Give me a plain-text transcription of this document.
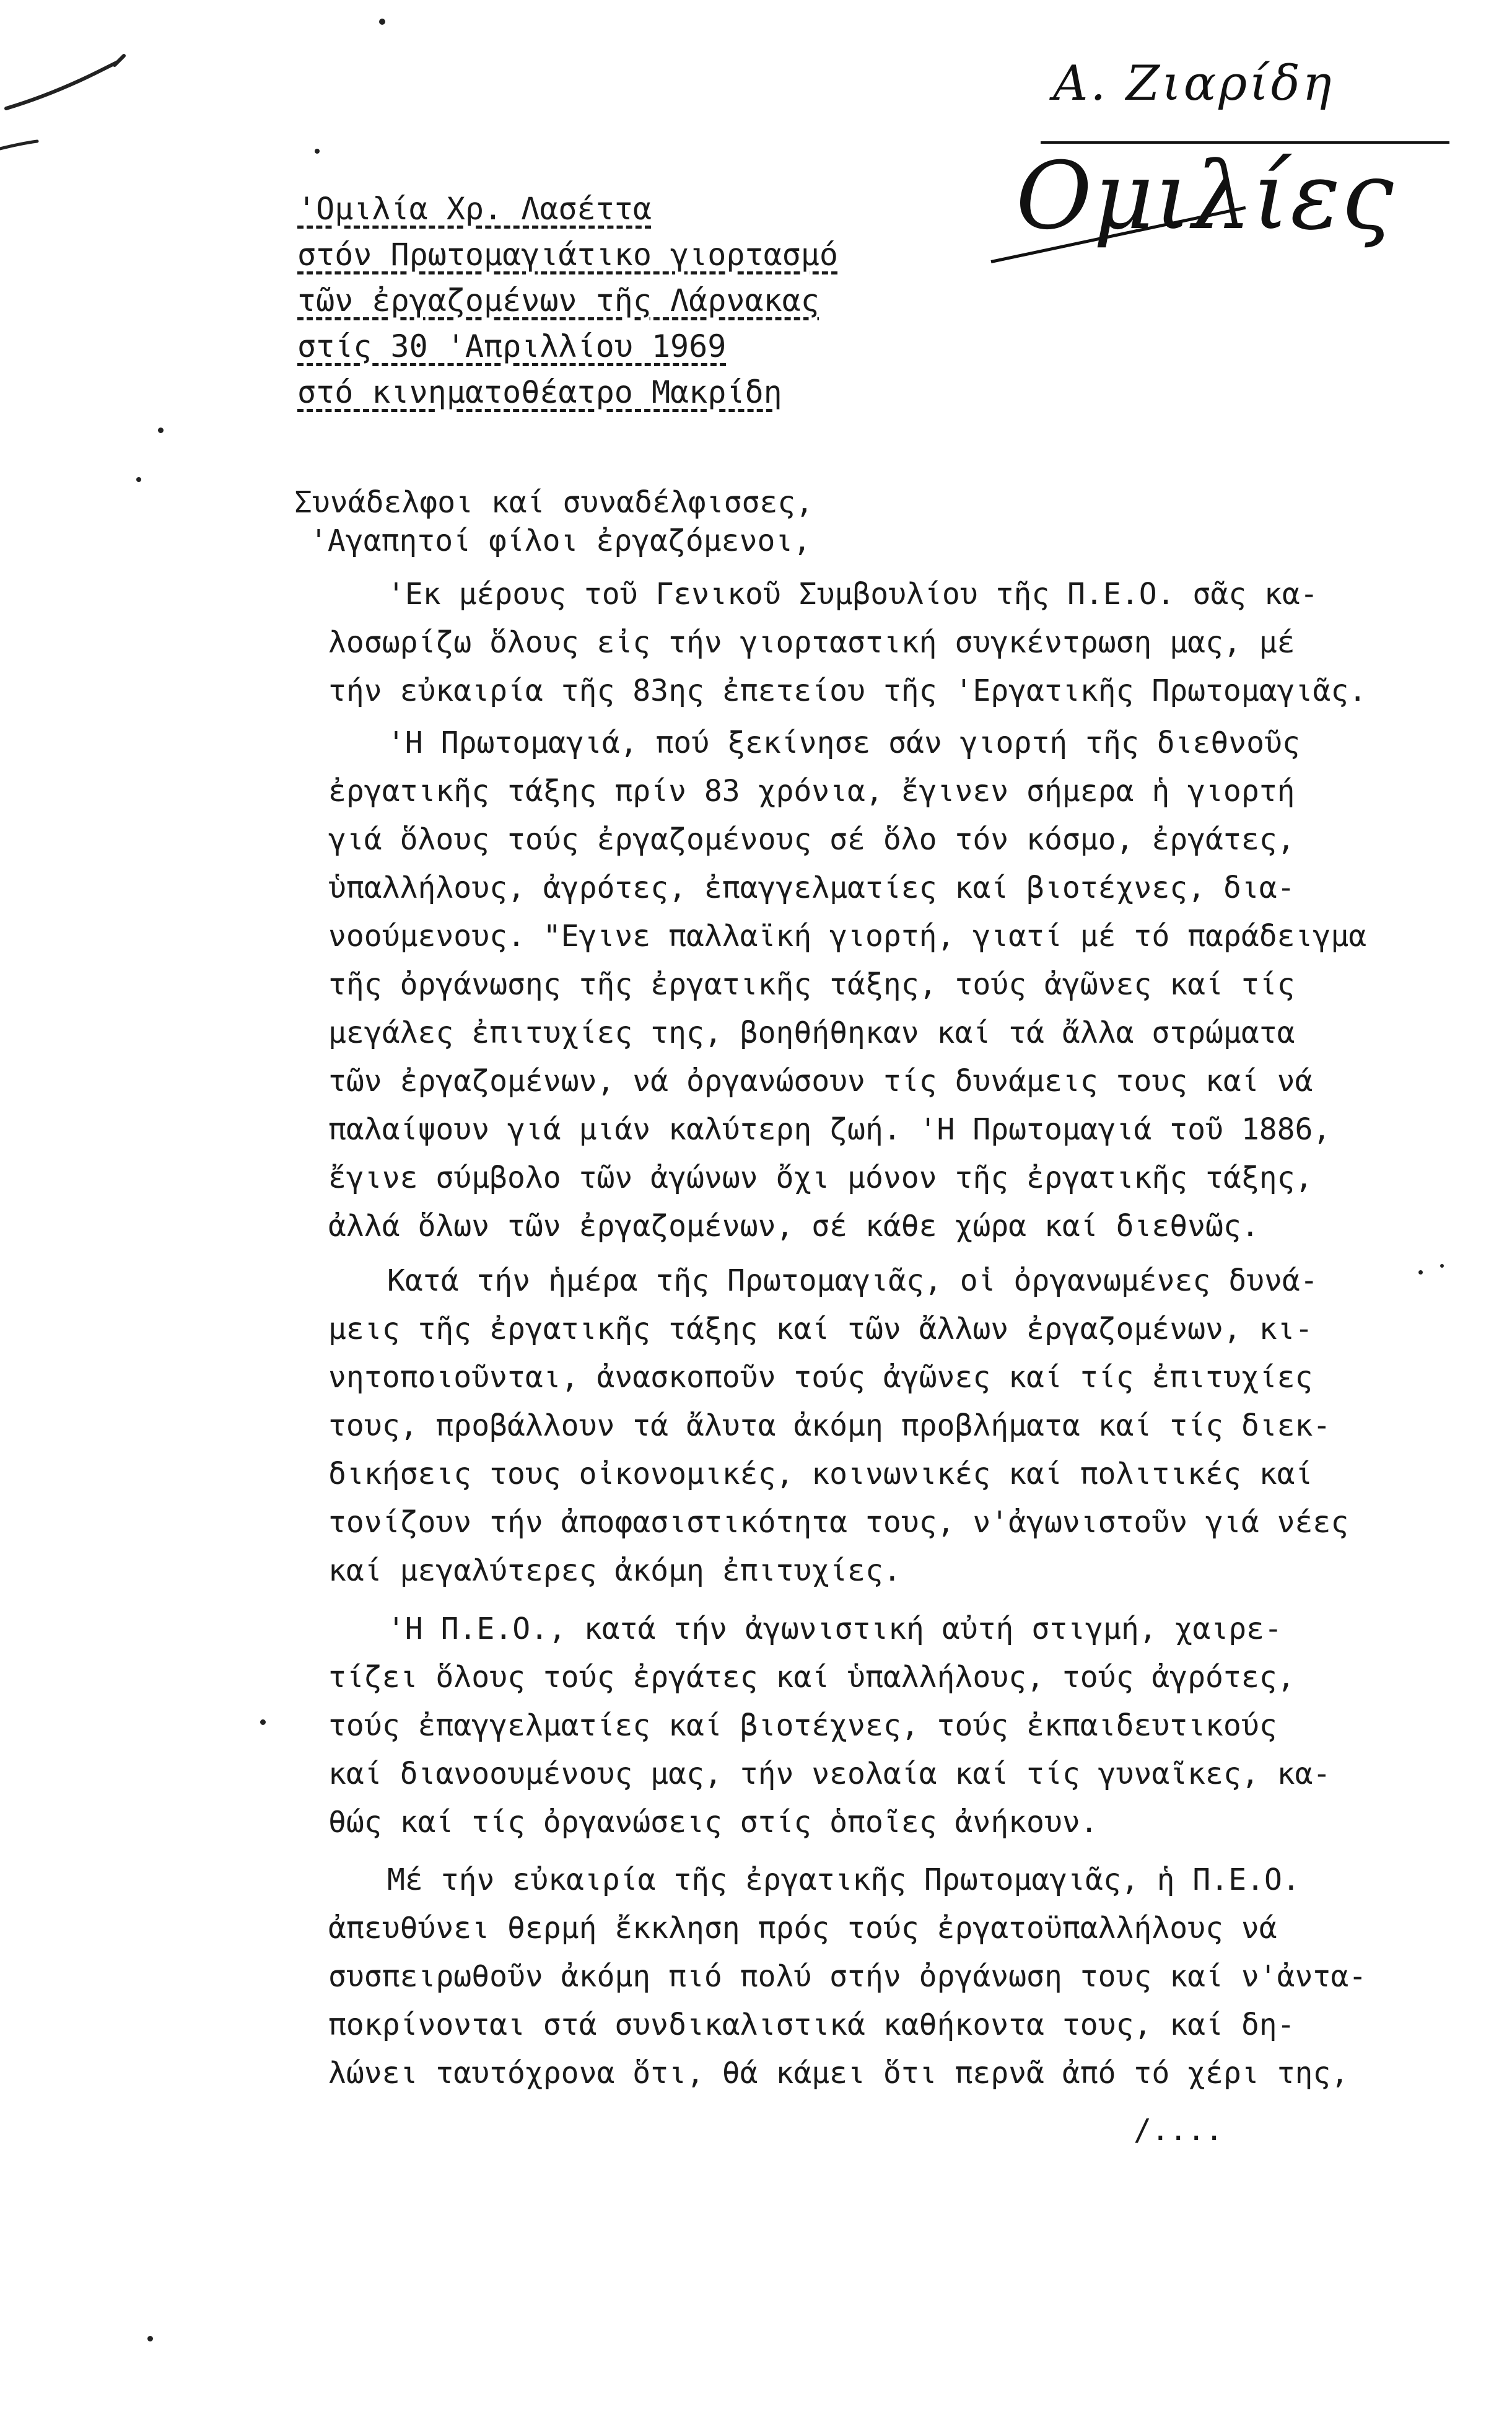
Α. Ζιαρίδη
Ομιλίες
'Ομιλία Χρ. Λασέττα
στόν Πρωτομαγιάτικο γιορτασμό
τῶν ἐργαζομένων τῆς Λάρνακας
στίς 30 'Απριλλίου 1969
στό κινηματοθέατρο Μακρίδη
Συνάδελφοι καί συναδέλφισσες,
'Αγαπητοί φίλοι ἐργαζόμενοι,
'Εκ μέρους τοῦ Γενικοῦ Συμβουλίου τῆς Π.Ε.Ο. σᾶς κα-
λοσωρίζω ὅλους εἰς τήν γιορταστική συγκέντρωση μας, μέ
τήν εὐκαιρία τῆς 83ης ἐπετείου τῆς 'Εργατικῆς Πρωτομαγιᾶς.
'Η Πρωτομαγιά, πού ξεκίνησε σάν γιορτή τῆς διεθνοῦς
ἐργατικῆς τάξης πρίν 83 χρόνια, ἔγινεν σήμερα ἡ γιορτή
γιά ὅλους τούς ἐργαζομένους σέ ὅλο τόν κόσμο, ἐργάτες,
ὑπαλλήλους, ἀγρότες, ἐπαγγελματίες καί βιοτέχνες, δια-
νοούμενους. "Εγινε παλλαϊκή γιορτή, γιατί μέ τό παράδειγμα
τῆς ὀργάνωσης τῆς ἐργατικῆς τάξης, τούς ἀγῶνες καί τίς
μεγάλες ἐπιτυχίες της, βοηθήθηκαν καί τά ἄλλα στρώματα
τῶν ἐργαζομένων, νά ὀργανώσουν τίς δυνάμεις τους καί νά
παλαίψουν γιά μιάν καλύτερη ζωή. 'Η Πρωτομαγιά τοῦ 1886,
ἔγινε σύμβολο τῶν ἀγώνων ὄχι μόνον τῆς ἐργατικῆς τάξης,
ἀλλά ὅλων τῶν ἐργαζομένων, σέ κάθε χώρα καί διεθνῶς.
Κατά τήν ἡμέρα τῆς Πρωτομαγιᾶς, οἱ ὀργανωμένες δυνά-
μεις τῆς ἐργατικῆς τάξης καί τῶν ἄλλων ἐργαζομένων, κι-
νητοποιοῦνται, ἀνασκοποῦν τούς ἀγῶνες καί τίς ἐπιτυχίες
τους, προβάλλουν τά ἄλυτα ἀκόμη προβλήματα καί τίς διεκ-
δικήσεις τους οἰκονομικές, κοινωνικές καί πολιτικές καί
τονίζουν τήν ἀποφασιστικότητα τους, ν'ἀγωνιστοῦν γιά νέες
καί μεγαλύτερες ἀκόμη ἐπιτυχίες.
'Η Π.Ε.Ο., κατά τήν ἀγωνιστική αὐτή στιγμή, χαιρε-
τίζει ὅλους τούς ἐργάτες καί ὑπαλλήλους, τούς ἀγρότες,
τούς ἐπαγγελματίες καί βιοτέχνες, τούς ἐκπαιδευτικούς
καί διανοουμένους μας, τήν νεολαία καί τίς γυναῖκες, κα-
θώς καί τίς ὀργανώσεις στίς ὁποῖες ἀνήκουν.
Μέ τήν εὐκαιρία τῆς ἐργατικῆς Πρωτομαγιᾶς, ἡ Π.Ε.Ο.
ἀπευθύνει θερμή ἔκκληση πρός τούς ἐργατοϋπαλλήλους νά
συσπειρωθοῦν ἀκόμη πιό πολύ στήν ὀργάνωση τους καί ν'ἀντα-
ποκρίνονται στά συνδικαλιστικά καθήκοντα τους, καί δη-
λώνει ταυτόχρονα ὅτι, θά κάμει ὅτι περνᾶ ἀπό τό χέρι της,
/....
